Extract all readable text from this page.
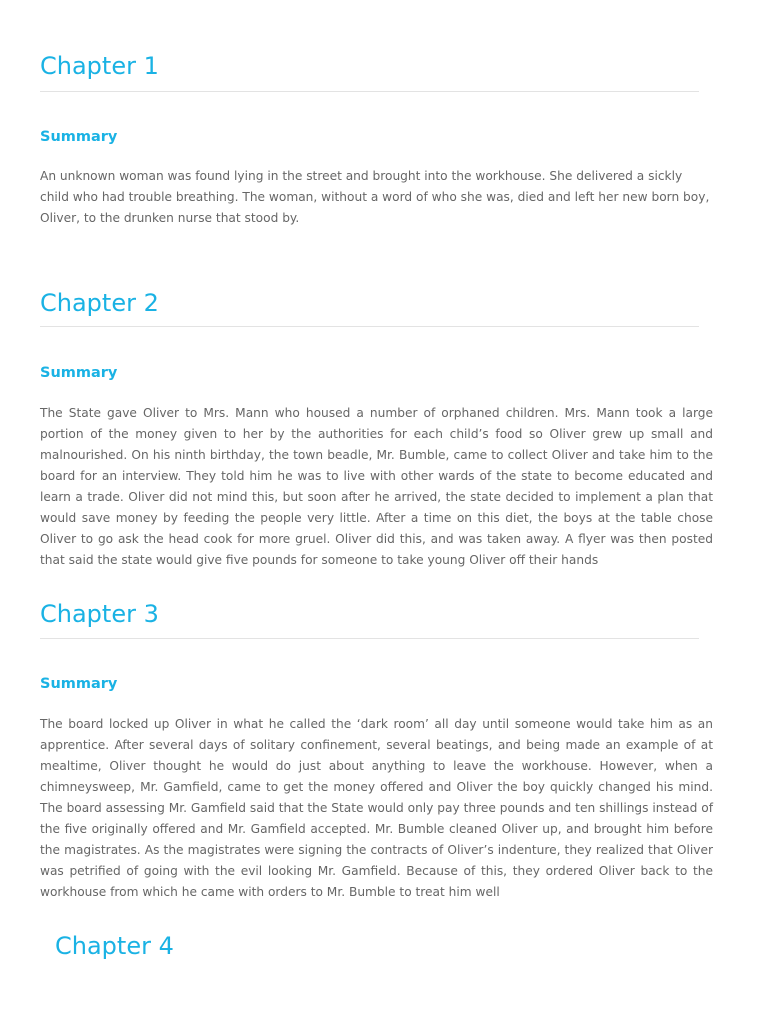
Chapter 1
Summary

An unknown woman was found lying in the street and brought into the workhouse. She delivered a sickly child who had trouble breathing. The woman, without a word of who she was, died and left her new born boy, Oliver, to the drunken nurse that stood by.

Chapter 2
Summary

The State gave Oliver to Mrs. Mann who housed a number of orphaned children. Mrs. Mann took a large portion of the money given to her by the authorities for each child’s food so Oliver grew up small and malnourished. On his ninth birthday, the town beadle, Mr. Bumble, came to collect Oliver and take him to the board for an interview. They told him he was to live with other wards of the state to become educated and learn a trade. Oliver did not mind this, but soon after he arrived, the state decided to implement a plan that would save money by feeding the people very little. After a time on this diet, the boys at the table chose Oliver to go ask the head cook for more gruel. Oliver did this, and was taken away. A flyer was then posted that said the state would give five pounds for someone to take young Oliver off their hands

Chapter 3
Summary

The board locked up Oliver in what he called the ‘dark room’ all day until someone would take him as an apprentice. After several days of solitary confinement, several beatings, and being made an example of at mealtime, Oliver thought he would do just about anything to leave the workhouse. However, when a chimneysweep, Mr. Gamfield, came to get the money offered and Oliver the boy quickly changed his mind. The board assessing Mr. Gamfield said that the State would only pay three pounds and ten shillings instead of the five originally offered and Mr. Gamfield accepted. Mr. Bumble cleaned Oliver up, and brought him before the magistrates. As the magistrates were signing the contracts of Oliver’s indenture, they realized that Oliver was petrified of going with the evil looking Mr. Gamfield. Because of this, they ordered Oliver back to the workhouse from which he came with orders to Mr. Bumble to treat him well

Chapter 4
